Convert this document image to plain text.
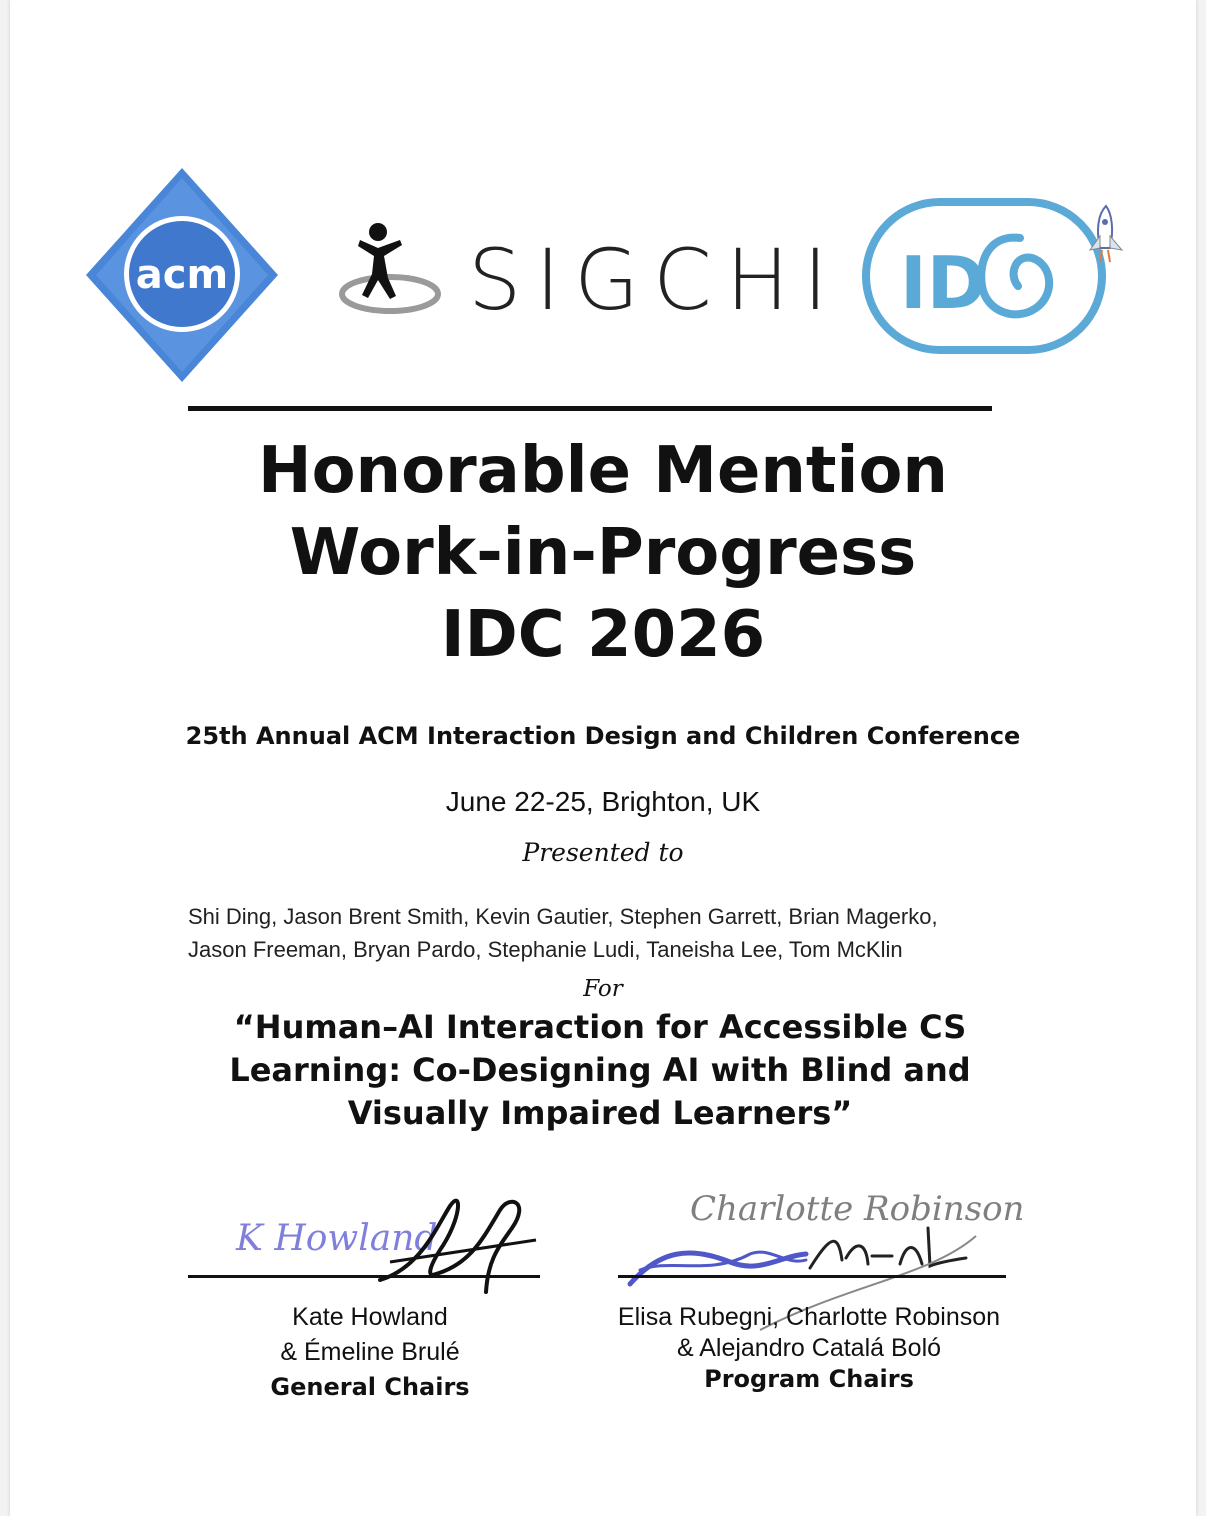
acm	SIGCHI ID
Honorable Mention
Work-in-Progress
IDC 2026
25th Annual ACM Interaction Design and Children Conference
June 22-25, Brighton, UK
Presented to
Shi Ding, Jason Brent Smith, Kevin Gautier, Stephen Garrett, Brian Magerko,
Jason Freeman, Bryan Pardo, Stephanie Ludi, Taneisha Lee, Tom McKlin
For
“Human–AI Interaction for Accessible CS
Learning: Co-Designing AI with Blind and
Visually Impaired Learners”
K Howland
Charlotte Robinson
Kate Howland
& Émeline Brulé
General Chairs
Elisa Rubegni, Charlotte Robinson
& Alejandro Catalá Boló
Program Chairs
